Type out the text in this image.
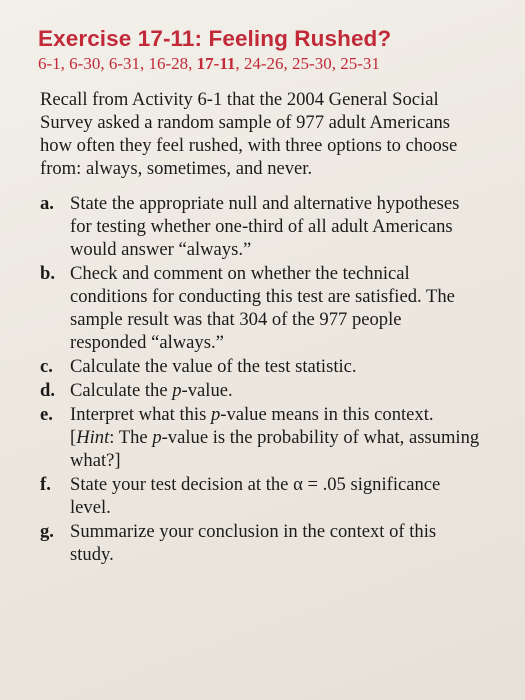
Exercise 17-11: Feeling Rushed?
6-1, 6-30, 6-31, 16-28, 17-11, 24-26, 25-30, 25-31

Recall from Activity 6-1 that the 2004 General Social Survey asked a random sample of 977 adult Americans how often they feel rushed, with three options to choose from: always, sometimes, and never.

a. State the appropriate null and alternative hypotheses for testing whether one-third of all adult Americans would answer “always.”
b. Check and comment on whether the technical conditions for conducting this test are satisfied. The sample result was that 304 of the 977 people responded “always.”
c. Calculate the value of the test statistic.
d. Calculate the p-value.
e. Interpret what this p-value means in this context. [Hint: The p-value is the probability of what, assuming what?]
f.	State your test decision at the α = .05 significance level.
g. Summarize your conclusion in the context of this study.
